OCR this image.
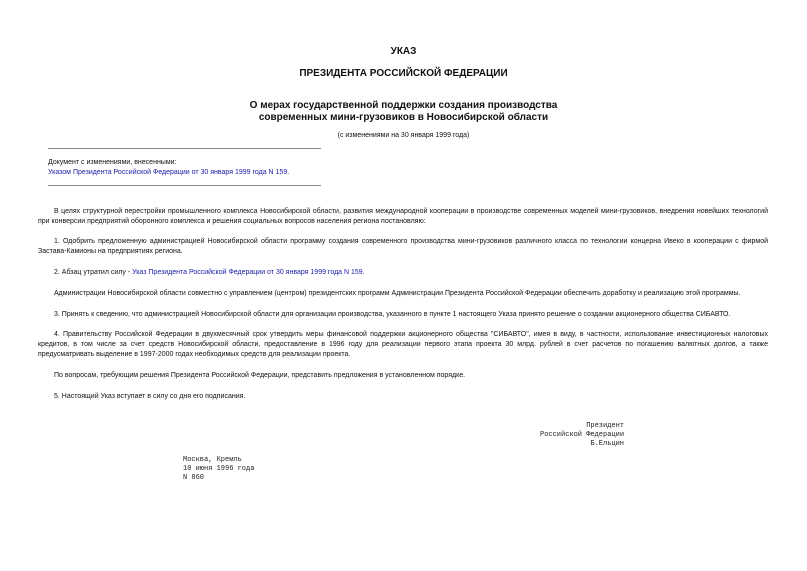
УКАЗ
ПРЕЗИДЕНТА РОССИЙСКОЙ ФЕДЕРАЦИИ
О мерах государственной поддержки создания производства
современных мини-грузовиков в Новосибирской области
(с изменениями на 30 января 1999 года)
Документ с изменениями, внесенными:
Указом Президента Российской Федерации от 30 января 1999 года N 159.

В целях структурной перестройки промышленного комплекса Новосибирской области, развития международной кооперации в производстве современных моделей мини-грузовиков, внедрения новейших технологий при конверсии предприятий оборонного комплекса и решения социальных вопросов населения региона постановляю:

1. Одобрить предложенную администрацией Новосибирской области программу создания современного производства мини-грузовиков различного класса по технологии концерна Ивеко в кооперации с фирмой Застава-Камионы на предприятиях региона.

2. Абзац утратил силу - Указ Президента Российской Федерации от 30 января 1999 года N 159.

Администрации Новосибирской области совместно с управлением (центром) президентских программ Администрации Президента Российской Федерации обеспечить доработку и реализацию этой программы.

3. Принять к сведению, что администрацией Новосибирской области для организации производства, указанного в пункте 1 настоящего Указа принято решение о создании акционерного общества СИБАВТО.

4. Правительству Российской Федерации в двухмесячный срок утвердить меры финансовой поддержки акционерного общества "СИБАВТО", имея в виду, в частности, использование инвестиционных налоговых кредитов, в том числе за счет средств Новосибирской области, предоставление в 1996 году для реализации первого этапа проекта 30 млрд. рублей в счет расчетов по погашению валютных долгов, а также предусматривать выделение в 1997-2000 годах необходимых средств для реализации проекта.

По вопросам, требующим решения Президента Российской Федерации, представить предложения в установленном порядке.

5. Настоящий Указ вступает в силу со дня его подписания.

Президент
Российской Федерации
Б.Ельцин
Москва, Кремль
10 июня 1996 года
N 860
